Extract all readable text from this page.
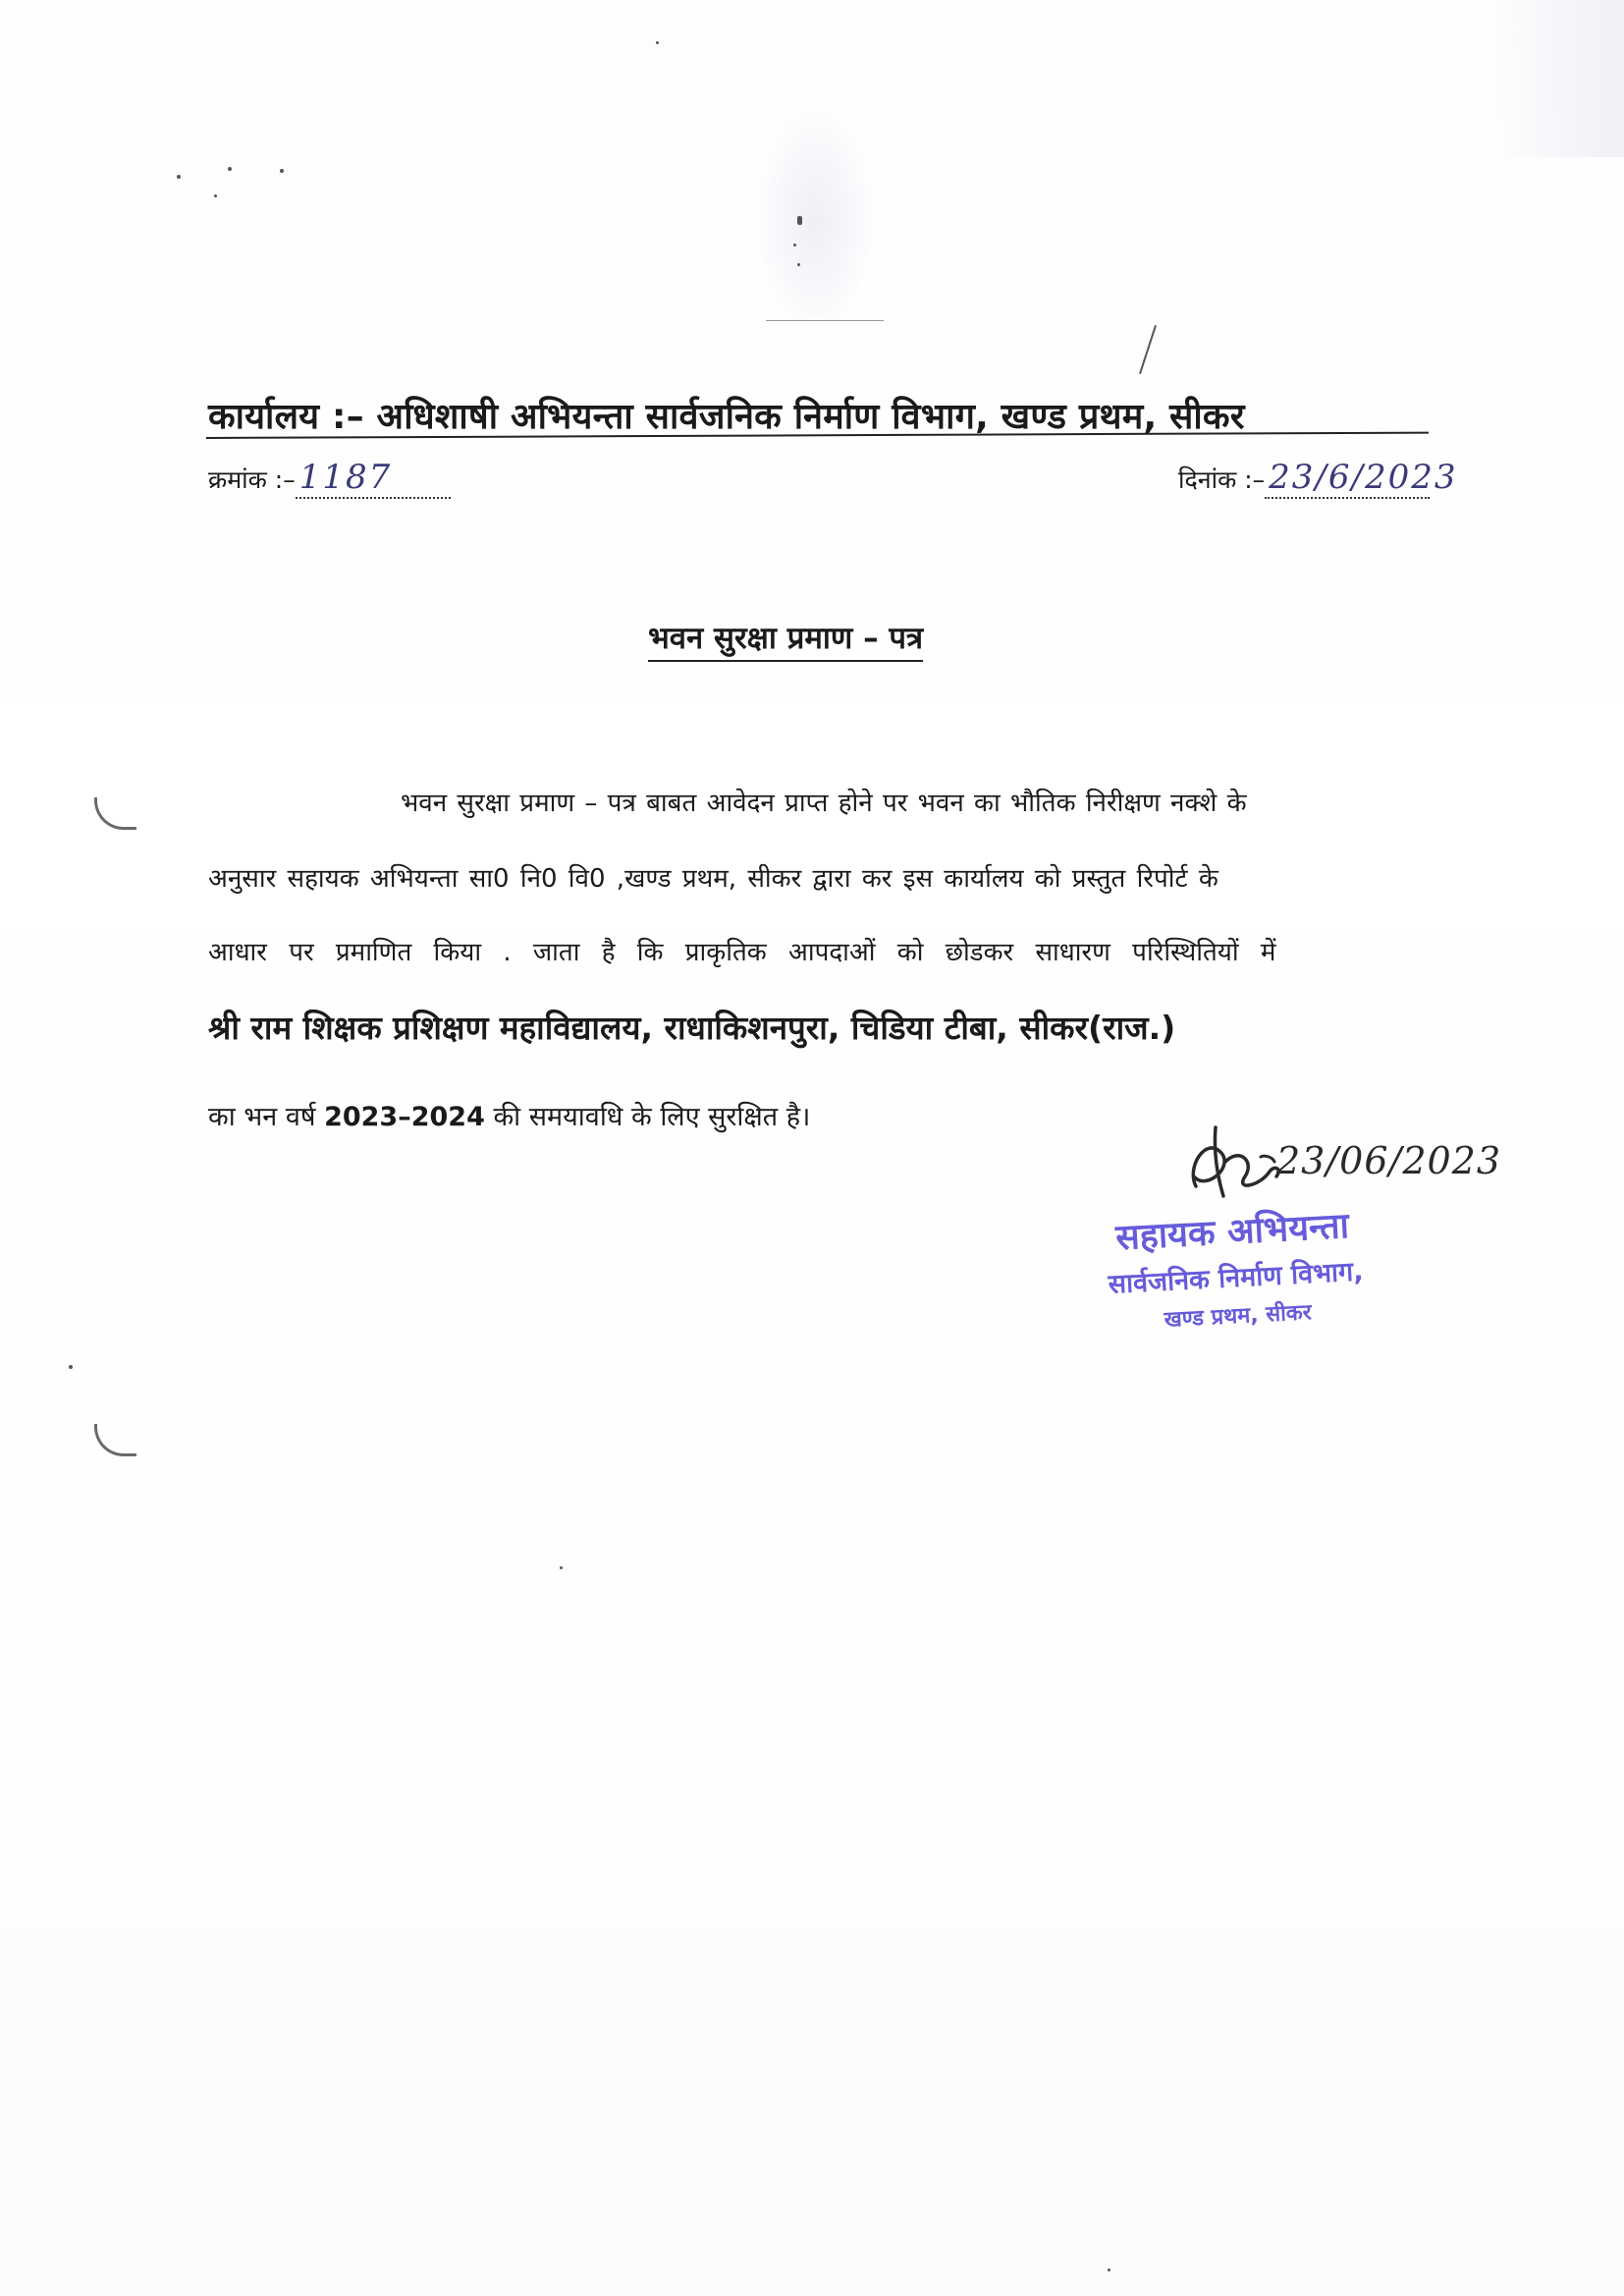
कार्यालय :– अधिशाषी अभियन्ता सार्वजनिक निर्माण विभाग, खण्ड प्रथम, सीकर
क्रमांक :– 1187	दिनांक :– 23/6/2023
भवन सुरक्षा प्रमाण – पत्र
भवन सुरक्षा प्रमाण – पत्र बाबत आवेदन प्राप्त होने पर भवन का भौतिक निरीक्षण नक्शे के
अनुसार सहायक अभियन्ता सा0 नि0 वि0 ,खण्ड प्रथम, सीकर द्वारा कर इस कार्यालय को प्रस्तुत रिपोर्ट के
आधार पर प्रमाणित किया . जाता है कि प्राकृतिक आपदाओं को छोडकर साधारण परिस्थितियों में
श्री राम शिक्षक प्रशिक्षण महाविद्यालय, राधाकिशनपुरा, चिडिया टीबा, सीकर(राज.)
का भन वर्ष 2023–2024 की समयावधि के लिए सुरक्षित है।
23/06/2023
सहायक अभियन्ता
सार्वजनिक निर्माण विभाग,
खण्ड प्रथम, सीकर
